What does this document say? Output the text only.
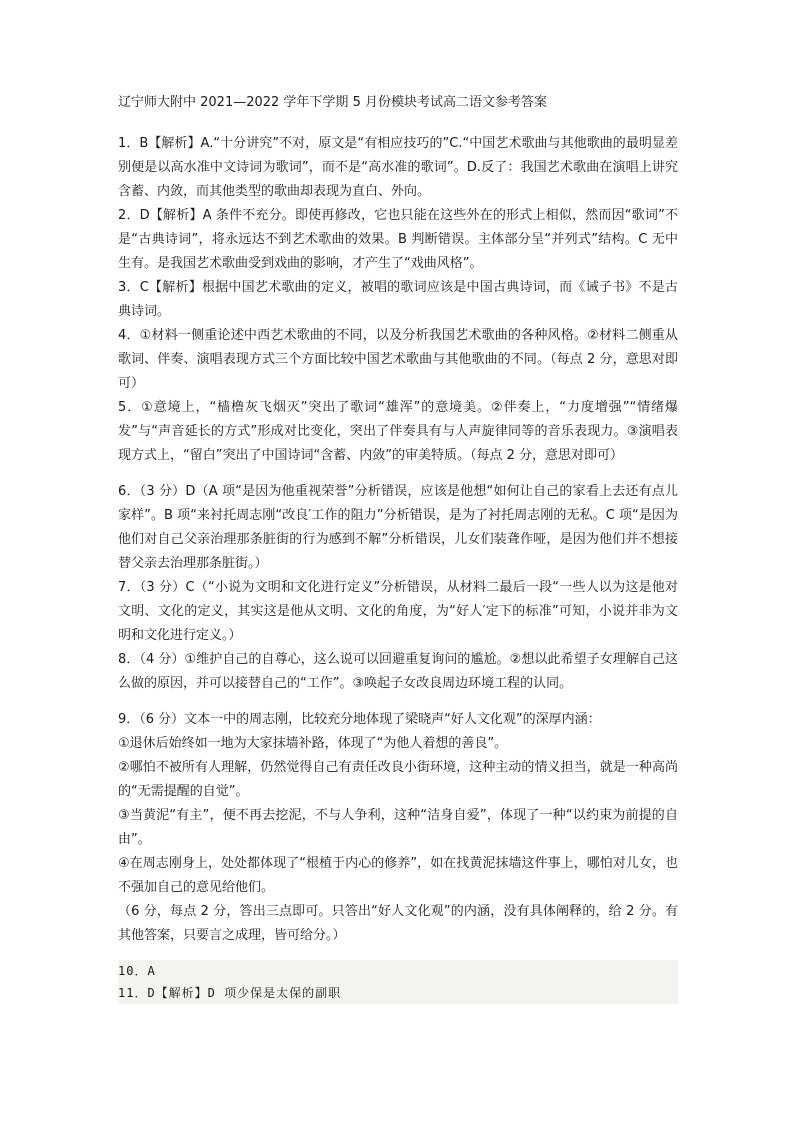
辽宁师大附中 2021—2022 学年下学期 5 月份模块考试高二语文参考答案

1．B【解析】A.“十分讲究”不对，原文是“有相应技巧的”C.“中国艺术歌曲与其他歌曲的最明显差别便是以高水准中文诗词为歌词”，而不是“高水准的歌词”。D.反了：我国艺术歌曲在演唱上讲究含蓄、内敛，而其他类型的歌曲却表现为直白、外向。

2．D【解析】A 条件不充分。即使再修改，它也只能在这些外在的形式上相似，然而因“歌词”不是“古典诗词”，将永远达不到艺术歌曲的效果。B 判断错误。主体部分呈“并列式”结构。C 无中生有。是我国艺术歌曲受到戏曲的影响，才产生了“戏曲风格”。

3．C【解析】根据中国艺术歌曲的定义，被唱的歌词应该是中国古典诗词，而《诫子书》不是古典诗词。

4．①材料一侧重论述中西艺术歌曲的不同，以及分析我国艺术歌曲的各种风格。②材料二侧重从歌词、伴奏、演唱表现方式三个方面比较中国艺术歌曲与其他歌曲的不同。（每点 2 分，意思对即可）

5．①意境上，“樯橹灰飞烟灭”突出了歌词“雄浑”的意境美。②伴奏上，“力度增强”“情绪爆发”与“声音延长的方式”形成对比变化，突出了伴奏具有与人声旋律同等的音乐表现力。③演唱表现方式上，“留白”突出了中国诗词“含蓄、内敛”的审美特质。（每点 2 分，意思对即可）

6．（3 分）D（A 项“是因为他重视荣誉”分析错误，应该是他想“如何让自己的家看上去还有点儿家样”。B 项“来衬托周志刚“改良′工作的阻力”分析错误，是为了衬托周志刚的无私。C 项“是因为他们对自己父亲治理那条脏街的行为感到不解”分析错误，儿女们装聋作哑，是因为他们并不想接替父亲去治理那条脏街。）

7．（3 分）C（“小说为文明和文化进行定义”分析错误，从材料二最后一段“一些人以为这是他对文明、文化的定义，其实这是他从文明、文化的角度，为“好人′定下的标准”可知，小说并非为文明和文化进行定义。）

8．（4 分）①维护自己的自尊心，这么说可以回避重复询问的尴尬。②想以此希望子女理解自己这么做的原因，并可以接替自己的“工作”。③唤起子女改良周边环境工程的认同。

9．（6 分）文本一中的周志刚，比较充分地体现了梁晓声“好人文化观”的深厚内涵：

①退休后始终如一地为大家抹墙补路，体现了“为他人着想的善良”。

②哪怕不被所有人理解，仍然觉得自己有责任改良小街环境，这种主动的情义担当，就是一种高尚的“无需提醒的自觉”。

③当黄泥“有主”，便不再去挖泥，不与人争利，这种“洁身自爱”，体现了一种“以约束为前提的自由”。

④在周志刚身上，处处都体现了“根植于内心的修养”，如在找黄泥抹墙这件事上，哪怕对儿女，也不强加自己的意见给他们。

（6 分，每点 2 分，答出三点即可。只答出“好人文化观”的内涵，没有具体阐释的，给 2 分。有其他答案，只要言之成理，皆可给分。）

10．A

11．D【解析】D 项少保是太保的副职
